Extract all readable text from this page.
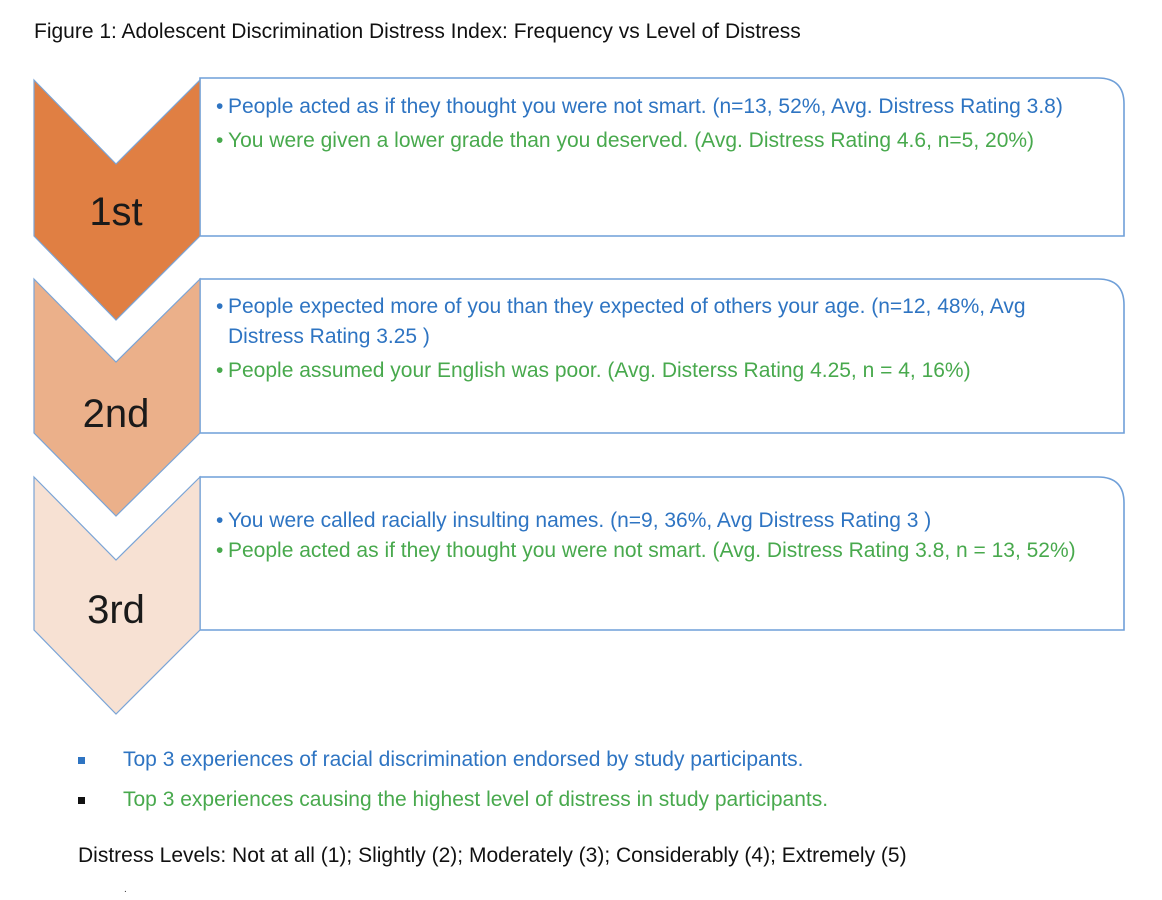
Figure 1: Adolescent Discrimination Distress Index: Frequency vs Level of Distress
1st
2nd
3rd
• People acted as if they thought you were not smart. (n=13, 52%, Avg. Distress Rating 3.8)
• You were given a lower grade than you deserved. (Avg. Distress Rating 4.6, n=5, 20%)
• People expected more of you than they expected of others your age. (n=12, 48%, Avg Distress Rating 3.25 )
• People assumed your English was poor. (Avg. Disterss Rating 4.25, n = 4, 16%)
• You were called racially insulting names. (n=9, 36%, Avg Distress Rating 3 )
• People acted as if they thought you were not smart. (Avg. Distress Rating 3.8, n = 13, 52%)
Top 3 experiences of racial discrimination endorsed by study participants.
Top 3 experiences causing the highest level of distress in study participants.
Distress Levels: Not at all (1); Slightly (2); Moderately (3); Considerably (4); Extremely (5)
.
